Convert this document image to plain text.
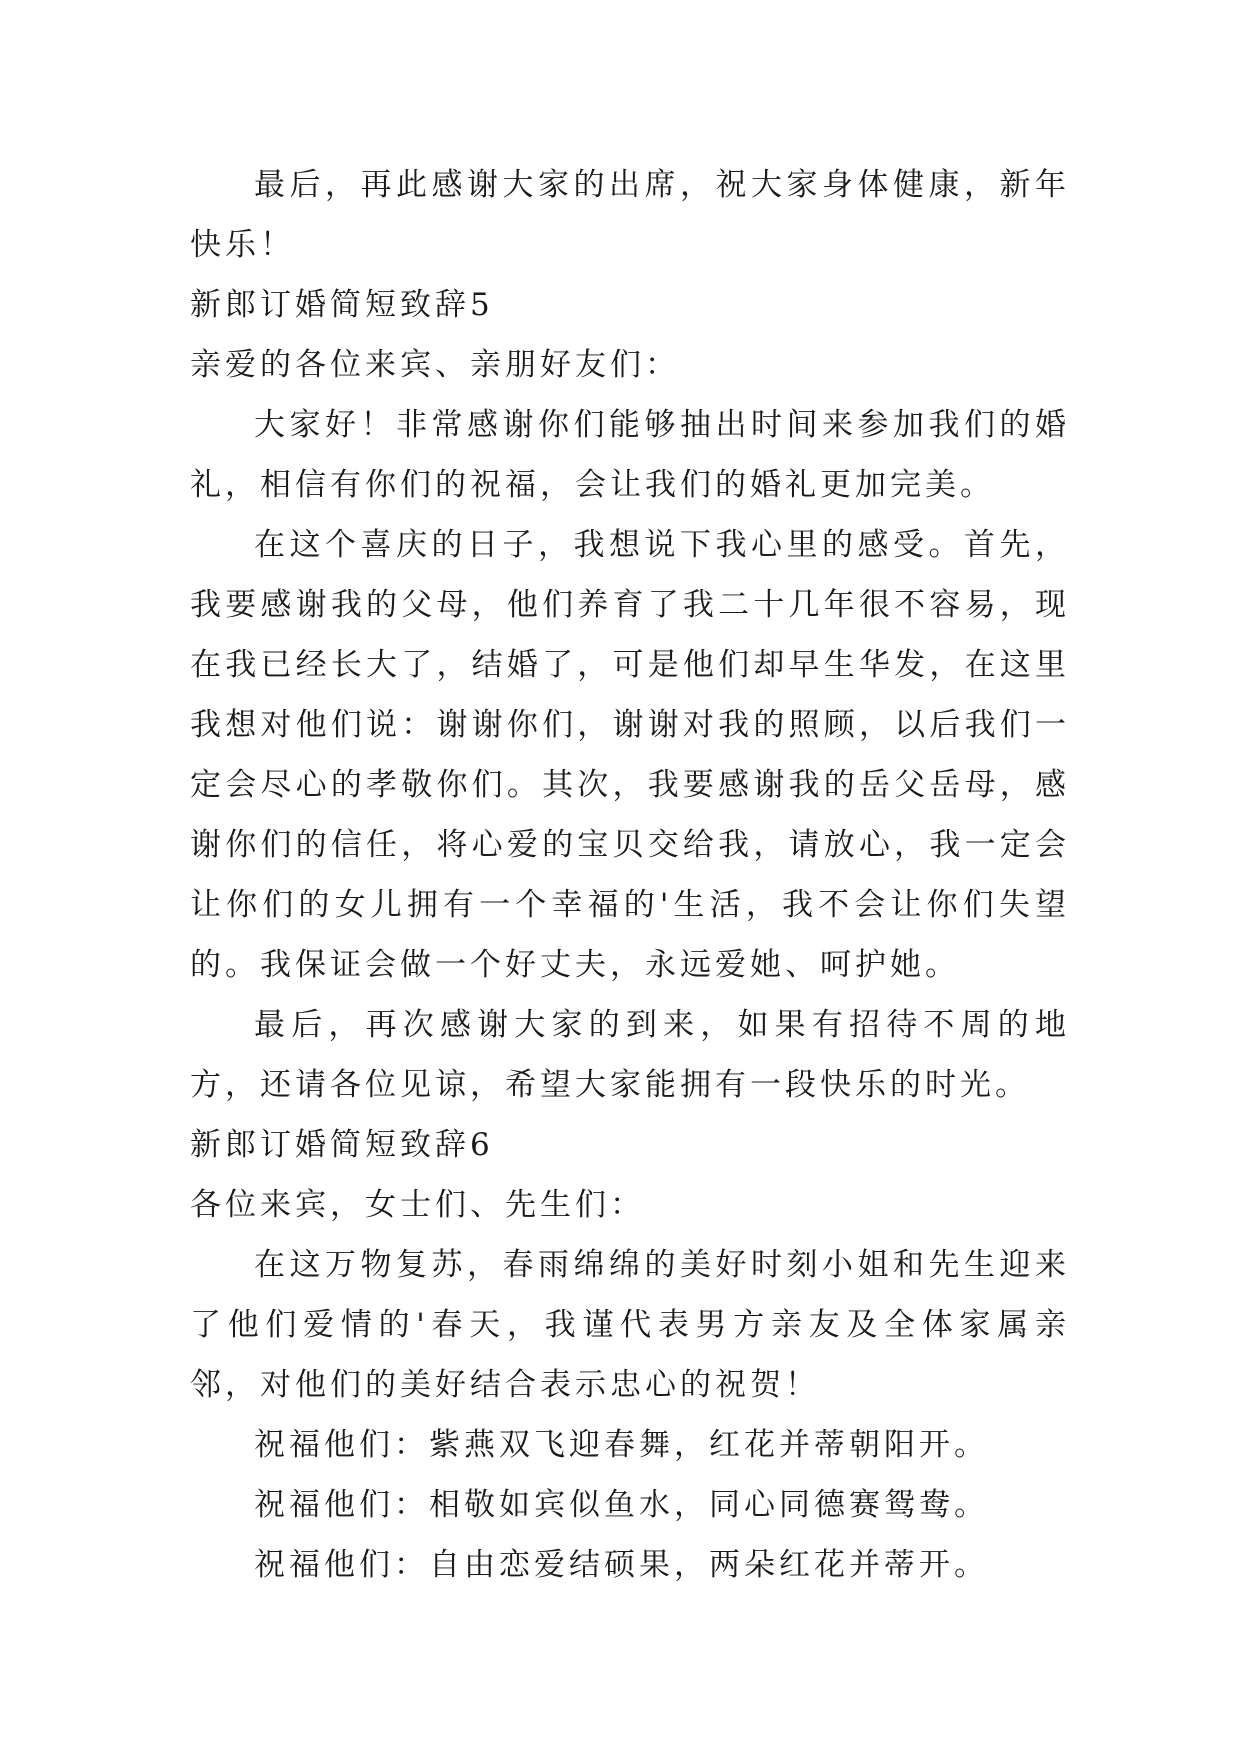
最后，再此感谢大家的出席，祝大家身体健康，新年快乐！

新郎订婚简短致辞5

亲爱的各位来宾、亲朋好友们：

大家好！非常感谢你们能够抽出时间来参加我们的婚礼，相信有你们的祝福，会让我们的婚礼更加完美。

在这个喜庆的日子，我想说下我心里的感受。首先，我要感谢我的父母，他们养育了我二十几年很不容易，现在我已经长大了，结婚了，可是他们却早生华发，在这里我想对他们说：谢谢你们，谢谢对我的照顾，以后我们一定会尽心的孝敬你们。其次，我要感谢我的岳父岳母，感谢你们的信任，将心爱的宝贝交给我，请放心，我一定会让你们的女儿拥有一个幸福的'生活，我不会让你们失望的。我保证会做一个好丈夫，永远爱她、呵护她。

最后，再次感谢大家的到来，如果有招待不周的地方，还请各位见谅，希望大家能拥有一段快乐的时光。

新郎订婚简短致辞6

各位来宾，女士们、先生们：

在这万物复苏，春雨绵绵的美好时刻小姐和先生迎来了他们爱情的'春天，我谨代表男方亲友及全体家属亲邻，对他们的美好结合表示忠心的祝贺！

祝福他们：紫燕双飞迎春舞，红花并蒂朝阳开。

祝福他们：相敬如宾似鱼水，同心同德赛鸳鸯。

祝福他们：自由恋爱结硕果，两朵红花并蒂开。
